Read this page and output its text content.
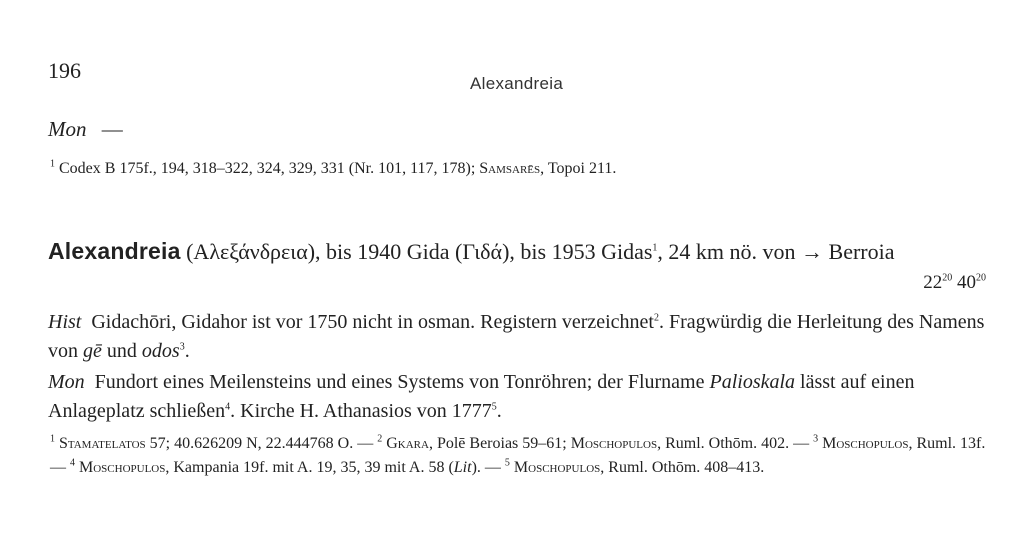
196
Alexandreia
Mon —
$^1$ Codex B 175f., 194, 318–322, 324, 329, 331 (Nr. 101, 117, 178); Samsarēs, Topoi 211.
Alexandreia (Αλεξάνδρεια), bis 1940 Gida (Γιδά), bis 1953 Gidas$^1$, 24 km nö. von → Berroia
$22^{20}$ $40^{20}$
Hist Gidachōri, Gidahor ist vor 1750 nicht in osman. Registern verzeichnet$^2$. Fragwürdig die Herleitung des Namens von gē und odos$^3$.
Mon Fundort eines Meilensteins und eines Systems von Tonröhren; der Flurname Palioskala lässt auf einen Anlageplatz schließen$^4$. Kirche H. Athanasios von 1777$^5$.
$^1$ Stamatelatos 57; 40.626209 N, 22.444768 O. — $^2$ Gkara, Polē Beroias 59–61; Moschopulos, Ruml. Othōm. 402. — $^3$ Moschopulos, Ruml. 13f. — $^4$ Moschopulos, Kampania 19f. mit A. 19, 35, 39 mit A. 58 (Lit). — $^5$ Moschopulos, Ruml. Othōm. 408–413.
